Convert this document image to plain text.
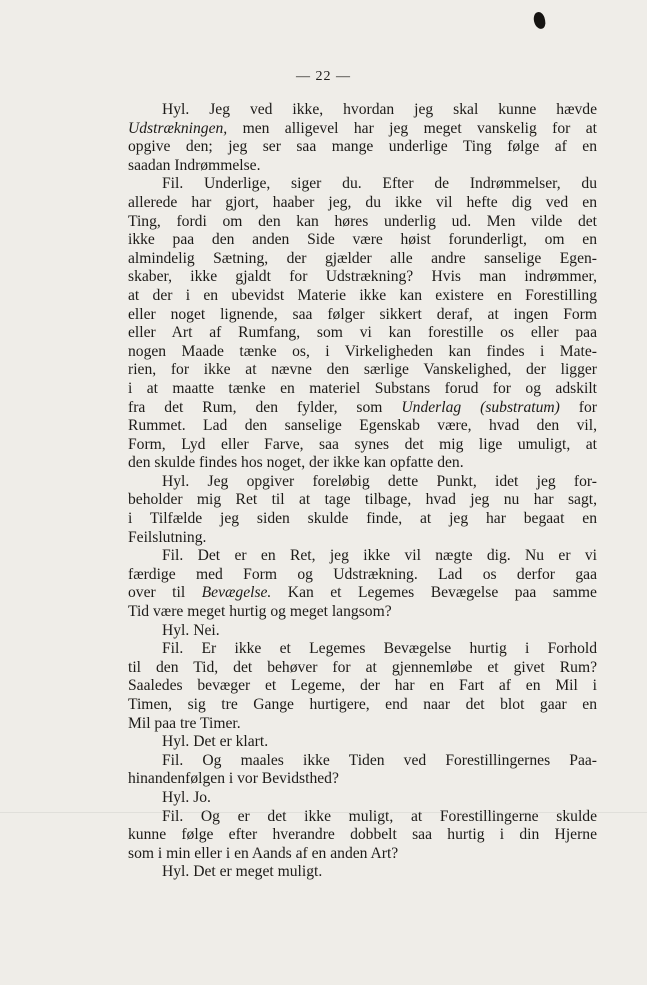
— 22 —
Hyl. Jeg ved ikke, hvordan jeg skal kunne hævde
Udstrækningen, men alligevel har jeg meget vanskelig for at
opgive den; jeg ser saa mange underlige Ting følge af en
saadan Indrømmelse.
Fil. Underlige, siger du. Efter de Indrømmelser, du
allerede har gjort, haaber jeg, du ikke vil hefte dig ved en
Ting, fordi om den kan høres underlig ud. Men vilde det
ikke paa den anden Side være høist forunderligt, om en
almindelig Sætning, der gjælder alle andre sanselige Egen-
skaber, ikke gjaldt for Udstrækning? Hvis man indrømmer,
at der i en ubevidst Materie ikke kan existere en Forestilling
eller noget lignende, saa følger sikkert deraf, at ingen Form
eller Art af Rumfang, som vi kan forestille os eller paa
nogen Maade tænke os, i Virkeligheden kan findes i Mate-
rien, for ikke at nævne den særlige Vanskelighed, der ligger
i at maatte tænke en materiel Substans forud for og adskilt
fra det Rum, den fylder, som Underlag (substratum) for
Rummet. Lad den sanselige Egenskab være, hvad den vil,
Form, Lyd eller Farve, saa synes det mig lige umuligt, at
den skulde findes hos noget, der ikke kan opfatte den.
Hyl. Jeg opgiver foreløbig dette Punkt, idet jeg for-
beholder mig Ret til at tage tilbage, hvad jeg nu har sagt,
i Tilfælde jeg siden skulde finde, at jeg har begaat en
Feilslutning.
Fil. Det er en Ret, jeg ikke vil nægte dig. Nu er vi
færdige med Form og Udstrækning. Lad os derfor gaa
over til Bevægelse. Kan et Legemes Bevægelse paa samme
Tid være meget hurtig og meget langsom?
Hyl. Nei.
Fil. Er ikke et Legemes Bevægelse hurtig i Forhold
til den Tid, det behøver for at gjennemløbe et givet Rum?
Saaledes bevæger et Legeme, der har en Fart af en Mil i
Timen, sig tre Gange hurtigere, end naar det blot gaar en
Mil paa tre Timer.
Hyl. Det er klart.
Fil. Og maales ikke Tiden ved Forestillingernes Paa-
hinandenfølgen i vor Bevidsthed?
Hyl. Jo.
Fil. Og er det ikke muligt, at Forestillingerne skulde
kunne følge efter hverandre dobbelt saa hurtig i din Hjerne
som i min eller i en Aands af en anden Art?
Hyl. Det er meget muligt.
